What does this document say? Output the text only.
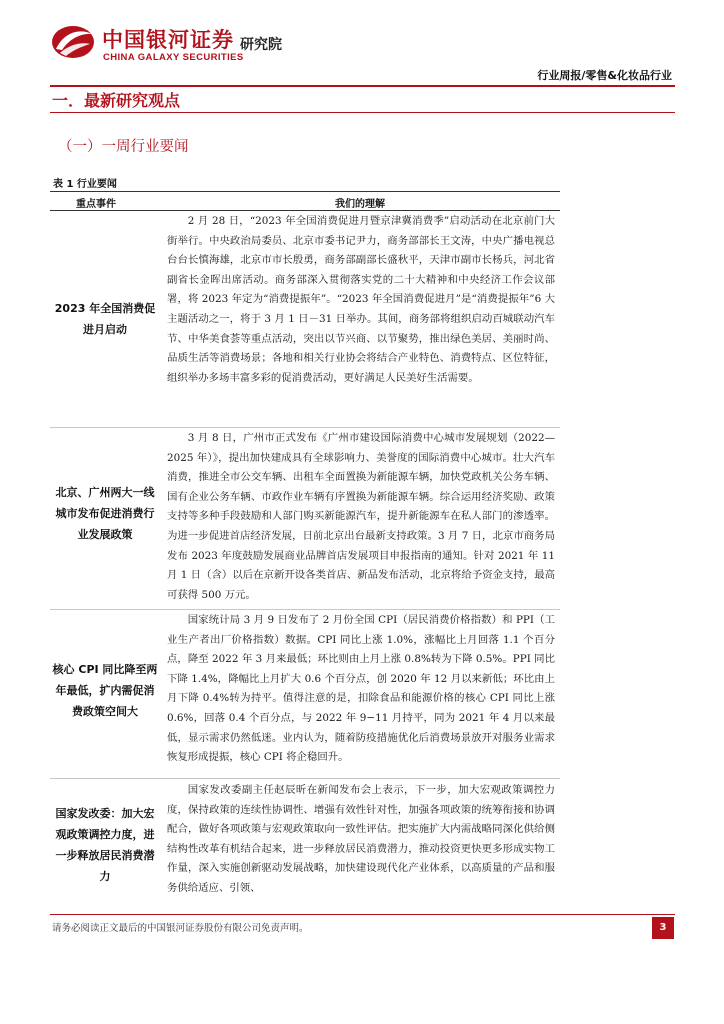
中国银河证券
CHINA GALAXY SECURITIES
研究院
行业周报/零售&化妆品行业
一．最新研究观点
（一）一周行业要闻
表 1 行业要闻
重点事件	我们的理解
2023 年全国消费促进月启动
2 月 28 日，“2023 年全国消费促进月暨京津冀消费季”启动活动在北京前门大街举行。中央政治局委员、北京市委书记尹力，商务部部长王文涛，中央广播电视总台台长慎海雄，北京市市长殷勇，商务部副部长盛秋平，天津市副市长杨兵，河北省副省长金晖出席活动。商务部深入贯彻落实党的二十大精神和中央经济工作会议部署，将 2023 年定为“消费提振年”。“2023 年全国消费促进月”是“消费提振年”6 大主题活动之一，将于 3 月 1 日－31 日举办。其间，商务部将组织启动百城联动汽车节、中华美食荟等重点活动，突出以节兴商、以节聚势，推出绿色美居、美丽时尚、品质生活等消费场景；各地和相关行业协会将结合产业特色、消费特点、区位特征，组织举办多场丰富多彩的促消费活动，更好满足人民美好生活需要。
北京、广州两大一线城市发布促进消费行业发展政策
3 月 8 日，广州市正式发布《广州市建设国际消费中心城市发展规划（2022—2025 年）》，提出加快建成具有全球影响力、美誉度的国际消费中心城市。壮大汽车消费，推进全市公交车辆、出租车全面置换为新能源车辆，加快党政机关公务车辆、国有企业公务车辆、市政作业车辆有序置换为新能源车辆。综合运用经济奖励、政策支持等多种手段鼓励和人部门购买新能源汽车，提升新能源车在私人部门的渗透率。为进一步促进首店经济发展，日前北京出台最新支持政策。3 月 7 日，北京市商务局发布 2023 年度鼓励发展商业品牌首店发展项目申报指南的通知。针对 2021 年 11 月 1 日（含）以后在京新开设各类首店、新品发布活动，北京将给予资金支持，最高可获得 500 万元。
核心 CPI 同比降至两年最低，扩内需促消费政策空间大
国家统计局 3 月 9 日发布了 2 月份全国 CPI（居民消费价格指数）和 PPI（工业生产者出厂价格指数）数据。CPI 同比上涨 1.0%，涨幅比上月回落 1.1 个百分点，降至 2022 年 3 月来最低；环比则由上月上涨 0.8%转为下降 0.5%。PPI 同比下降 1.4%，降幅比上月扩大 0.6 个百分点，创 2020 年 12 月以来新低；环比由上月下降 0.4%转为持平。值得注意的是，扣除食品和能源价格的核心 CPI 同比上涨 0.6%，回落 0.4 个百分点，与 2022 年 9−11 月持平，同为 2021 年 4 月以来最低，显示需求仍然低迷。业内认为，随着防疫措施优化后消费场景放开对服务业需求恢复形成提振，核心 CPI 将企稳回升。
国家发改委：加大宏观政策调控力度，进一步释放居民消费潜力
国家发改委副主任赵辰昕在新闻发布会上表示，下一步，加大宏观政策调控力度，保持政策的连续性协调性、增强有效性针对性，加强各项政策的统筹衔接和协调配合，做好各项政策与宏观政策取向一致性评估。把实施扩大内需战略同深化供给侧结构性改革有机结合起来，进一步释放居民消费潜力，推动投资更快更多形成实物工作量，深入实施创新驱动发展战略，加快建设现代化产业体系，以高质量的产品和服务供给适应、引领、
请务必阅读正文最后的中国银河证券股份有限公司免责声明。	3
